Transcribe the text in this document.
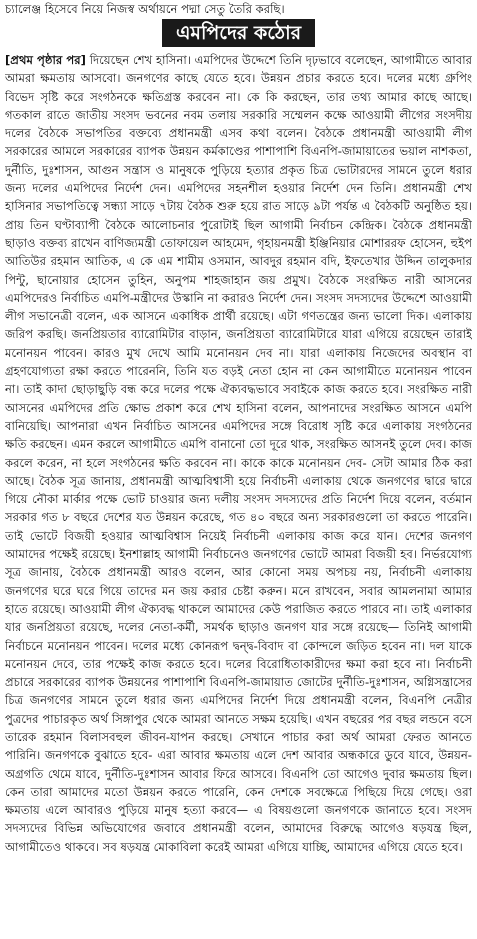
চ্যালেঞ্জ হিসেবে নিয়ে নিজস্ব অর্থায়নে পদ্মা সেতু তৈরি করছি।
এমপিদের কঠোর

[প্রথম পৃষ্ঠার পর] দিয়েছেন শেখ হাসিনা। এমপিদের উদ্দেশে তিনি দৃঢ়ভাবে বলেছেন, আগামীতে আবার আমরা ক্ষমতায় আসবো। জনগণের কাছে যেতে হবে। উন্নয়ন প্রচার করতে হবে। দলের মধ্যে গ্রুপিং বিভেদ সৃষ্টি করে সংগঠনকে ক্ষতিগ্রস্ত করবেন না। কে কি করছেন, তার তথ্য আমার কাছে আছে। গতকাল রাতে জাতীয় সংসদ ভবনের নবম তলায় সরকারি সম্মেলন কক্ষে আওয়ামী লীগের সংসদীয় দলের বৈঠকে সভাপতির বক্তব্যে প্রধানমন্ত্রী এসব কথা বলেন। বৈঠকে প্রধানমন্ত্রী আওয়ামী লীগ সরকারের আমলে সরকারের ব্যাপক উন্নয়ন কর্মকাণ্ডের পাশাপাশি বিএনপি-জামায়াতের ভয়াল নাশকতা, দুর্নীতি, দুঃশাসন, আগুন সন্ত্রাস ও মানুষকে পুড়িয়ে হত্যার প্রকৃত চিত্র ভোটারদের সামনে তুলে ধরার জন্য দলের এমপিদের নির্দেশ দেন। এমপিদের সহনশীল হওয়ার নির্দেশ দেন তিনি। প্রধানমন্ত্রী শেখ হাসিনার সভাপতিত্বে সন্ধ্যা সাড়ে ৭টায় বৈঠক শুরু হয়ে রাত সাড়ে ৯টা পর্যন্ত এ বৈঠকটি অনুষ্ঠিত হয়। প্রায় তিন ঘণ্টাব্যাপী বৈঠকে আলোচনার পুরোটাই ছিল আগামী নির্বাচন কেন্দ্রিক। বৈঠকে প্রধানমন্ত্রী ছাড়াও বক্তব্য রাখেন বাণিজ্যমন্ত্রী তোফায়েল আহমেদ, গৃহায়নমন্ত্রী ইঞ্জিনিয়ার মোশাররফ হোসেন, হুইপ আতিউর রহমান আতিক, এ কে এম শামীম ওসমান, আবদুর রহমান বদি, ইফতেখার উদ্দিন তালুকদার পিন্টু, ছানোয়ার হোসেন তুহিন, অনুপম শাহজাহান জয় প্রমুখ। বৈঠকে সংরক্ষিত নারী আসনের এমপিদেরও নির্বাচিত এমপি-মন্ত্রীদের উস্কানি না করারও নির্দেশ দেন। সংসদ সদস্যদের উদ্দেশে আওয়ামী লীগ সভানেত্রী বলেন, এক আসনে একাধিক প্রার্থী রয়েছে। এটা গণতন্ত্রের জন্য ভালো দিক। এলাকায় জরিপ করছি। জনপ্রিয়তার ব্যারোমিটার বাড়ান, জনপ্রিয়তা ব্যারোমিটারে যারা এগিয়ে রয়েছেন তারাই মনোনয়ন পাবেন। কারও মুখ দেখে আমি মনোনয়ন দেব না। যারা এলাকায় নিজেদের অবস্থান বা গ্রহণযোগ্যতা রক্ষা করতে পারেননি, তিনি যত বড়ই নেতা হোন না কেন আগামীতে মনোনয়ন পাবেন না। তাই কাদা ছোড়াছুড়ি বন্ধ করে দলের পক্ষে ঐক্যবদ্ধভাবে সবাইকে কাজ করতে হবে। সংরক্ষিত নারী আসনের এমপিদের প্রতি ক্ষোভ প্রকাশ করে শেখ হাসিনা বলেন, আপনাদের সংরক্ষিত আসনে এমপি বানিয়েছি। আপনারা এখন নির্বাচিত আসনের এমপিদের সঙ্গে বিরোধ সৃষ্টি করে এলাকায় সংগঠনের ক্ষতি করছেন। এমন করলে আগামীতে এমপি বানানো তো দূরে থাক, সংরক্ষিত আসনই তুলে দেব। কাজ করলে করেন, না হলে সংগঠনের ক্ষতি করবেন না। কাকে কাকে মনোনয়ন দেব- সেটা আমার ঠিক করা আছে। বৈঠক সূত্র জানায়, প্রধানমন্ত্রী আত্মবিশ্বাসী হয়ে নির্বাচনী এলাকায় থেকে জনগণের দ্বারে দ্বারে গিয়ে নৌকা মার্কার পক্ষে ভোট চাওয়ার জন্য দলীয় সংসদ সদস্যদের প্রতি নির্দেশ দিয়ে বলেন, বর্তমান সরকার গত ৮ বছরে দেশের যত উন্নয়ন করেছে, গত ৪০ বছরে অন্য সরকারগুলো তা করতে পারেনি। তাই ভোটে বিজয়ী হওয়ার আত্মবিশ্বাস নিয়েই নির্বাচনী এলাকায় কাজ করে যান। দেশের জনগণ আমাদের পক্ষেই রয়েছে। ইনশাল্লাহ আগামী নির্বাচনেও জনগণের ভোটে আমরা বিজয়ী হব। নির্ভরযোগ্য সূত্র জানায়, বৈঠকে প্রধানমন্ত্রী আরও বলেন, আর কোনো সময় অপচয় নয়, নির্বাচনী এলাকায় জনগণের ঘরে ঘরে গিয়ে তাদের মন জয় করার চেষ্টা করুন। মনে রাখবেন, সবার আমলনামা আমার হাতে রয়েছে। আওয়ামী লীগ ঐক্যবদ্ধ থাকলে আমাদের কেউ পরাজিত করতে পারবে না। তাই এলাকার যার জনপ্রিয়তা রয়েছে, দলের নেতা-কর্মী, সমর্থক ছাড়াও জনগণ যার সঙ্গে রয়েছে— তিনিই আগামী নির্বাচনে মনোনয়ন পাবেন। দলের মধ্যে কোনরূপ দ্বন্দ্ব-বিবাদ বা কোন্দলে জড়িত হবেন না। দল যাকে মনোনয়ন দেবে, তার পক্ষেই কাজ করতে হবে। দলের বিরোধিতাকারীদের ক্ষমা করা হবে না। নির্বাচনী প্রচারে সরকারের ব্যাপক উন্নয়নের পাশাপাশি বিএনপি-জামায়াত জোটের দুর্নীতি-দুঃশাসন, অগ্নিসন্ত্রাসের চিত্র জনগণের সামনে তুলে ধরার জন্য এমপিদের নির্দেশ দিয়ে প্রধানমন্ত্রী বলেন, বিএনপি নেত্রীর পুত্রদের পাচারকৃত অর্থ সিঙ্গাপুর থেকে আমরা আনতে সক্ষম হয়েছি। এখন বছরের পর বছর লন্ডনে বসে তারেক রহমান বিলাসবহুল জীবন-যাপন করছে। সেখানে পাচার করা অর্থ আমরা ফেরত আনতে পারিনি। জনগণকে বুঝাতে হবে- এরা আবার ক্ষমতায় এলে দেশ আবার অন্ধকারে ডুবে যাবে, উন্নয়ন-অগ্রগতি থেমে যাবে, দুর্নীতি-দুঃশাসন আবার ফিরে আসবে। বিএনপি তো আগেও দুবার ক্ষমতায় ছিল। কেন তারা আমাদের মতো উন্নয়ন করতে পারেনি, কেন দেশকে সবক্ষেত্রে পিছিয়ে দিয়ে গেছে। ওরা ক্ষমতায় এলে আবারও পুড়িয়ে মানুষ হত্যা করবে— এ বিষয়গুলো জনগণকে জানাতে হবে। সংসদ সদস্যদের বিভিন্ন অভিযোগের জবাবে প্রধানমন্ত্রী বলেন, আমাদের বিরুদ্ধে আগেও ষড়যন্ত্র ছিল, আগামীতেও থাকবে। সব ষড়যন্ত্র মোকাবিলা করেই আমরা এগিয়ে যাচ্ছি, আমাদের এগিয়ে যেতে হবে।
